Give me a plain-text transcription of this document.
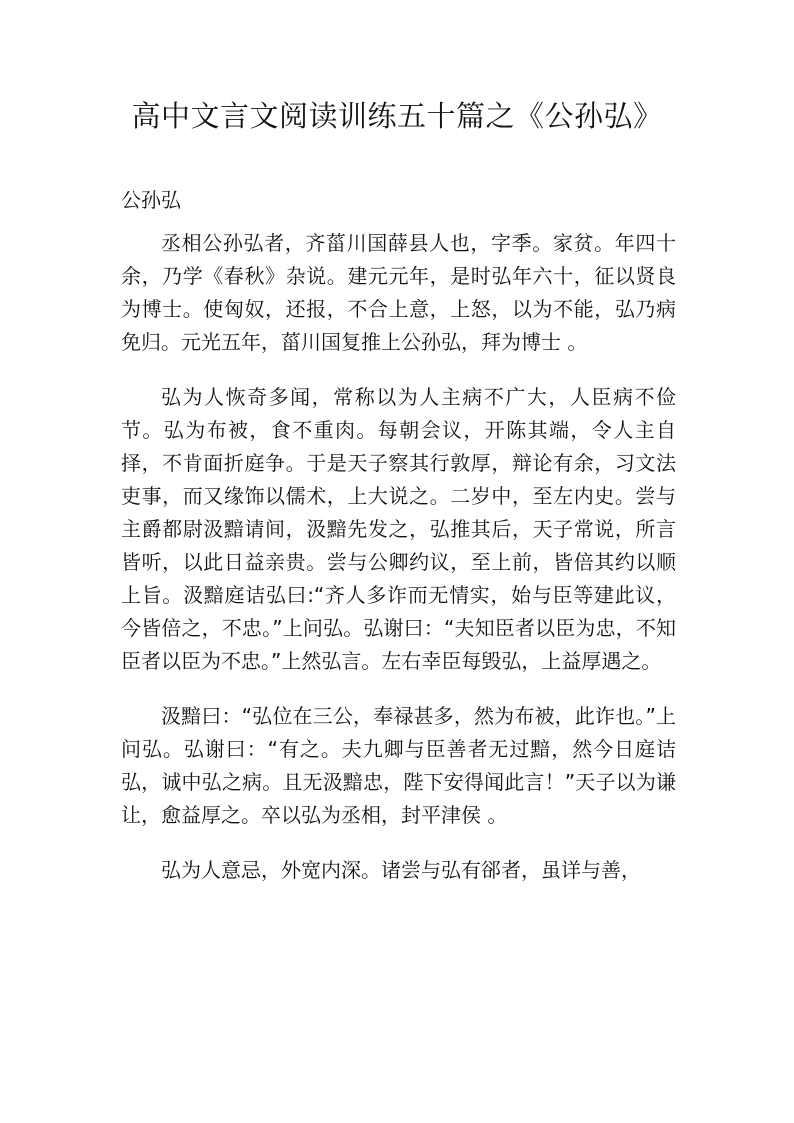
高中文言文阅读训练五十篇之《公孙弘》

公孙弘

丞相公孙弘者，齐菑川国薛县人也，字季。家贫。年四十余，乃学《春秋》杂说。建元元年，是时弘年六十，征以贤良为博士。使匈奴，还报，不合上意，上怒，以为不能，弘乃病免归。元光五年，菑川国复推上公孙弘，拜为博士 。

弘为人恢奇多闻，常称以为人主病不广大，人臣病不俭节。弘为布被，食不重肉。每朝会议，开陈其端，令人主自择，不肯面折庭争。于是天子察其行敦厚，辩论有余，习文法吏事，而又缘饰以儒术，上大说之。二岁中，至左内史。尝与主爵都尉汲黯请间，汲黯先发之，弘推其后，天子常说，所言皆听，以此日益亲贵。尝与公卿约议，至上前，皆倍其约以顺上旨。汲黯庭诘弘曰:“齐人多诈而无情实，始与臣等建此议，今皆倍之，不忠。”上问弘。弘谢曰：“夫知臣者以臣为忠，不知臣者以臣为不忠。”上然弘言。左右幸臣每毁弘，上益厚遇之。

汲黯曰：“弘位在三公，奉禄甚多，然为布被，此诈也。”上问弘。弘谢曰：“有之。夫九卿与臣善者无过黯，然今日庭诘弘，诚中弘之病。且无汲黯忠，陛下安得闻此言！”天子以为谦让，愈益厚之。卒以弘为丞相，封平津侯 。

弘为人意忌，外宽内深。诸尝与弘有郤者，虽详与善，
